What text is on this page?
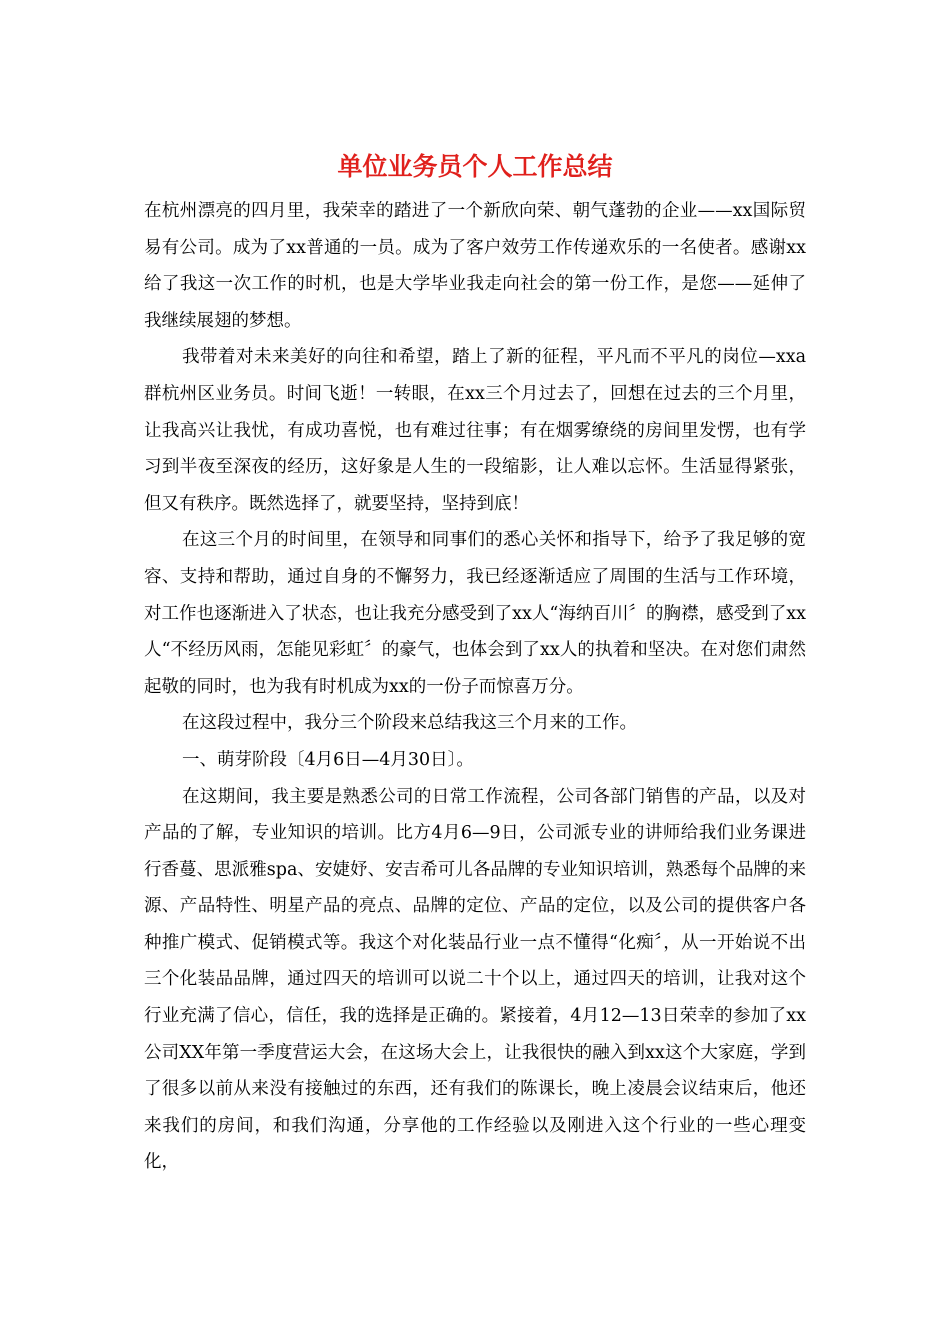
单位业务员个人工作总结

在杭州漂亮的四月里，我荣幸的踏进了一个新欣向荣、朝气蓬勃的企业——xx国际贸易有公司。成为了xx普通的一员。成为了客户效劳工作传递欢乐的一名使者。感谢xx给了我这一次工作的时机，也是大学毕业我走向社会的第一份工作，是您——延伸了我继续展翅的梦想。

我带着对未来美好的向往和希望，踏上了新的征程，平凡而不平凡的岗位—xxa群杭州区业务员。时间飞逝！一转眼，在xx三个月过去了，回想在过去的三个月里，让我高兴让我忧，有成功喜悦，也有难过往事；有在烟雾缭绕的房间里发愣，也有学习到半夜至深夜的经历，这好象是人生的一段缩影，让人难以忘怀。生活显得紧张，但又有秩序。既然选择了，就要坚持，坚持到底！

在这三个月的时间里，在领导和同事们的悉心关怀和指导下，给予了我足够的宽容、支持和帮助，通过自身的不懈努力，我已经逐渐适应了周围的生活与工作环境，对工作也逐渐进入了状态，也让我充分感受到了xx人“海纳百川〞的胸襟，感受到了xx人“不经历风雨，怎能见彩虹〞的豪气，也体会到了xx人的执着和坚决。在对您们肃然起敬的同时，也为我有时机成为xx的一份子而惊喜万分。

在这段过程中，我分三个阶段来总结我这三个月来的工作。

一、萌芽阶段〔4月6日—4月30日〕。

在这期间，我主要是熟悉公司的日常工作流程，公司各部门销售的产品，以及对产品的了解，专业知识的培训。比方4月6—9日，公司派专业的讲师给我们业务课进行香蔓、思派雅spa、安婕妤、安吉希可儿各品牌的专业知识培训，熟悉每个品牌的来源、产品特性、明星产品的亮点、品牌的定位、产品的定位，以及公司的提供客户各种推广模式、促销模式等。我这个对化装品行业一点不懂得“化痴〞，从一开始说不出三个化装品品牌，通过四天的培训可以说二十个以上，通过四天的培训，让我对这个行业充满了信心，信任，我的选择是正确的。紧接着，4月12—13日荣幸的参加了xx公司XX年第一季度营运大会，在这场大会上，让我很快的融入到xx这个大家庭，学到了很多以前从来没有接触过的东西，还有我们的陈课长，晚上凌晨会议结束后，他还来我们的房间，和我们沟通，分享他的工作经验以及刚进入这个行业的一些心理变化，
